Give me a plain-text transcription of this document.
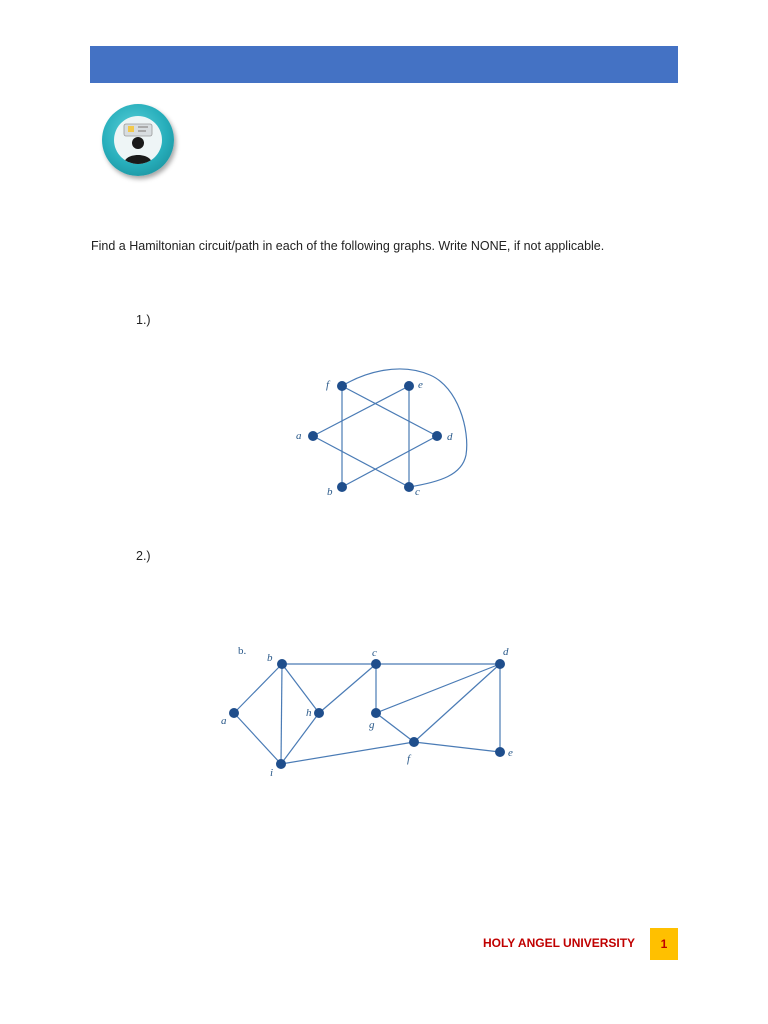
Find a Hamiltonian circuit/path in each of the following graphs. Write NONE, if not applicable.
1.)
f	e
a	d
b	c
2.)
b.
b	c	d
a
h
g
f	e
i
HOLY ANGEL UNIVERSITY	1
